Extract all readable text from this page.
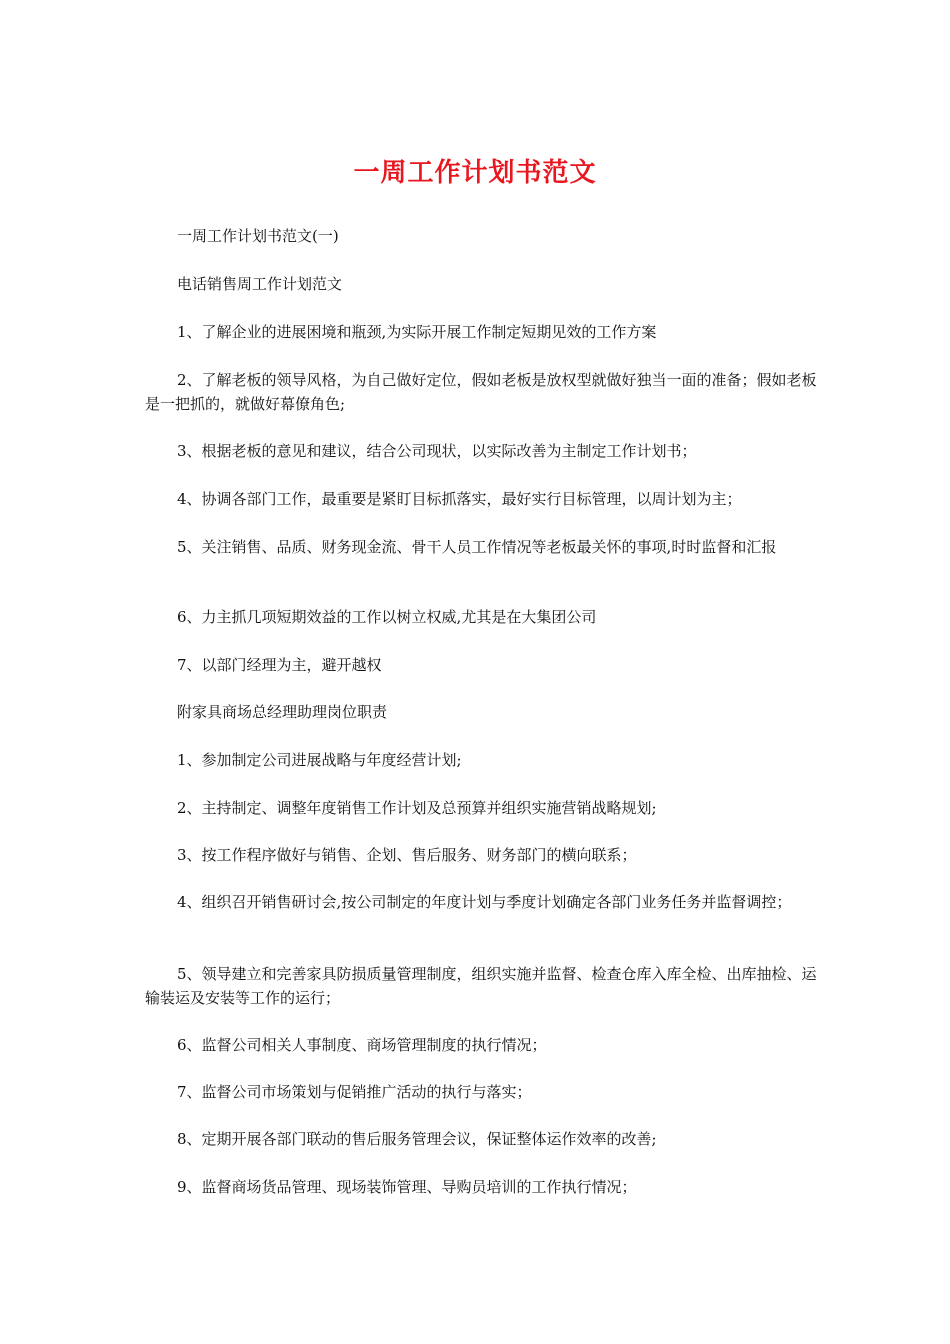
一周工作计划书范文

一周工作计划书范文(一)

电话销售周工作计划范文

1、了解企业的进展困境和瓶颈,为实际开展工作制定短期见效的工作方案

2、了解老板的领导风格，为自己做好定位，假如老板是放权型就做好独当一面的准备；假如老板是一把抓的，就做好幕僚角色;

3、根据老板的意见和建议，结合公司现状，以实际改善为主制定工作计划书；

4、协调各部门工作，最重要是紧盯目标抓落实，最好实行目标管理，以周计划为主；

5、关注销售、品质、财务现金流、骨干人员工作情况等老板最关怀的事项,时时监督和汇报

6、力主抓几项短期效益的工作以树立权威,尤其是在大集团公司

7、以部门经理为主，避开越权

附家具商场总经理助理岗位职责

1、参加制定公司进展战略与年度经营计划;

2、主持制定、调整年度销售工作计划及总预算并组织实施营销战略规划;

3、按工作程序做好与销售、企划、售后服务、财务部门的横向联系；

4、组织召开销售研讨会,按公司制定的年度计划与季度计划确定各部门业务任务并监督调控；

5、领导建立和完善家具防损质量管理制度，组织实施并监督、检查仓库入库全检、出库抽检、运输装运及安装等工作的运行；

6、监督公司相关人事制度、商场管理制度的执行情况；

7、监督公司市场策划与促销推广活动的执行与落实；

8、定期开展各部门联动的售后服务管理会议，保证整体运作效率的改善;

9、监督商场货品管理、现场装饰管理、导购员培训的工作执行情况；
